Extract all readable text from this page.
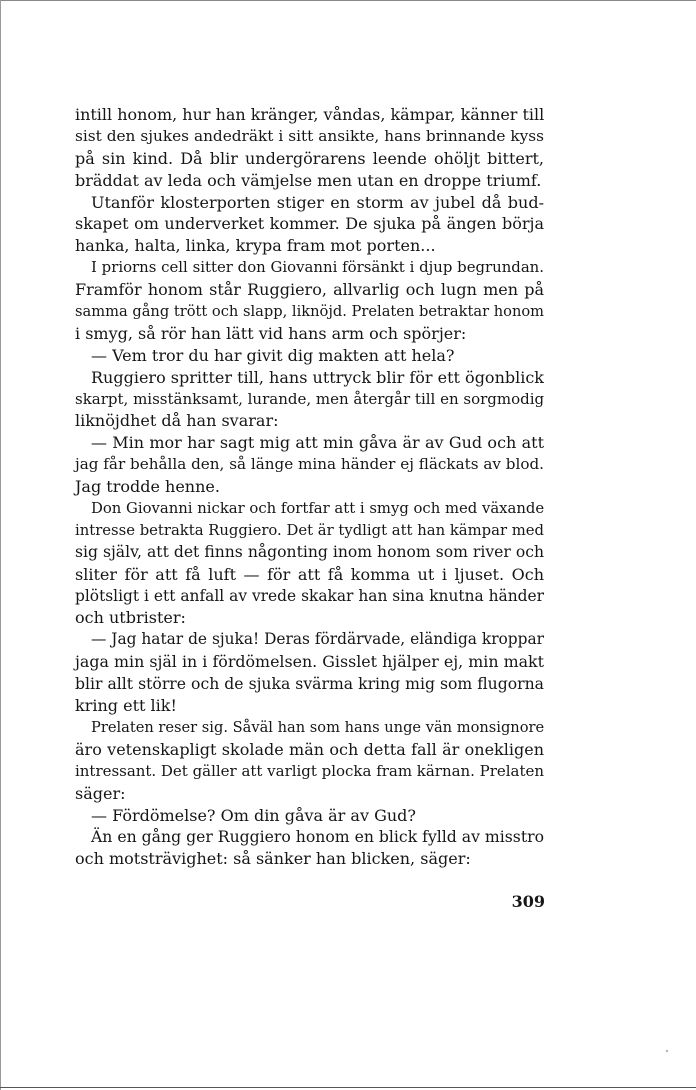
intill honom, hur han kränger, våndas, kämpar, känner till
sist den sjukes andedräkt i sitt ansikte, hans brinnande kyss
på sin kind. Då blir undergörarens leende ohöljt bittert,
bräddat av leda och vämjelse men utan en droppe triumf.
Utanför klosterporten stiger en storm av jubel då bud-
skapet om underverket kommer. De sjuka på ängen börja
hanka, halta, linka, krypa fram mot porten...
I priorns cell sitter don Giovanni försänkt i djup begrundan.
Framför honom står Ruggiero, allvarlig och lugn men på
samma gång trött och slapp, liknöjd. Prelaten betraktar honom
i smyg, så rör han lätt vid hans arm och spörjer:
— Vem tror du har givit dig makten att hela?
Ruggiero spritter till, hans uttryck blir för ett ögonblick
skarpt, misstänksamt, lurande, men återgår till en sorgmodig
liknöjdhet då han svarar:
— Min mor har sagt mig att min gåva är av Gud och att
jag får behålla den, så länge mina händer ej fläckats av blod.
Jag trodde henne.
Don Giovanni nickar och fortfar att i smyg och med växande
intresse betrakta Ruggiero. Det är tydligt att han kämpar med
sig själv, att det finns någonting inom honom som river och
sliter för att få luft — för att få komma ut i ljuset. Och
plötsligt i ett anfall av vrede skakar han sina knutna händer
och utbrister:
— Jag hatar de sjuka! Deras fördärvade, eländiga kroppar
jaga min själ in i fördömelsen. Gisslet hjälper ej, min makt
blir allt större och de sjuka svärma kring mig som flugorna
kring ett lik!
Prelaten reser sig. Såväl han som hans unge vän monsignore
äro vetenskapligt skolade män och detta fall är onekligen
intressant. Det gäller att varligt plocka fram kärnan. Prelaten
säger:
— Fördömelse? Om din gåva är av Gud?
Än en gång ger Ruggiero honom en blick fylld av misstro
och motsträvighet: så sänker han blicken, säger:
309
